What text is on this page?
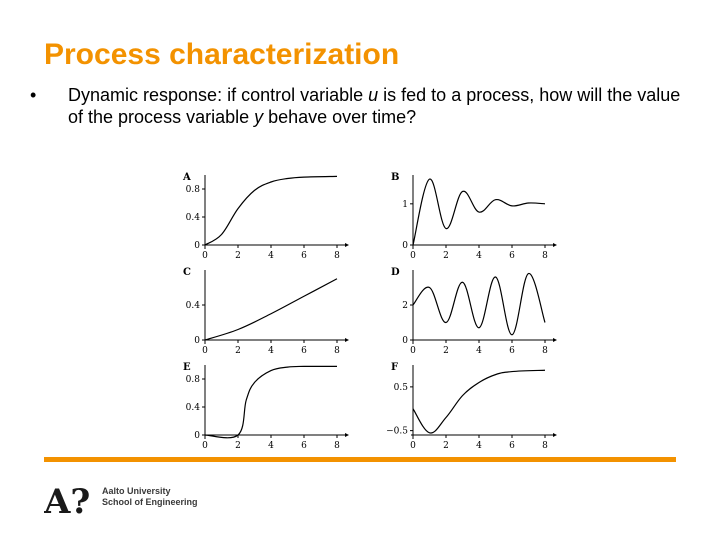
Process characterization
• Dynamic response: if control variable u is fed to a process, how will the value of the process variable y behave over time?
A
0	2	4	6	8
0
0.4
0.8
B
0	2	4	6	8
0
1
C
0	2	4	6	8
0
0.4
D
0	2	4	6	8
0
2
E
0	2	4	6	8
0
0.4
0.8
F
0	2	4	6	8
−0.5
0.5
A? Aalto University
School of Engineering
